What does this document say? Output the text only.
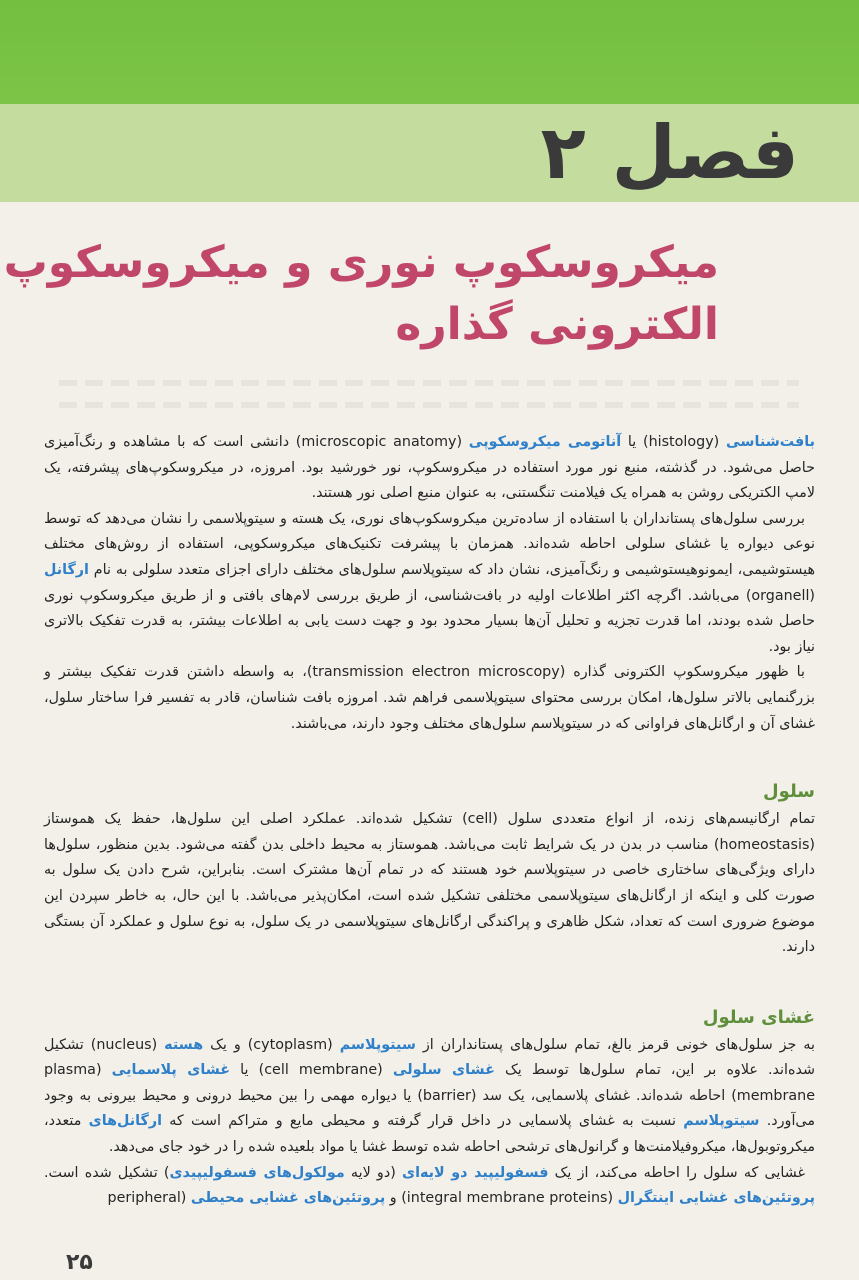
فصل ۲
میکروسکوپ نوری و میکروسکوپ
الکترونی گذاره

بافت‌شناسی (histology) یا آناتومی میکروسکوپی (microscopic anatomy) دانشی است که با مشاهده و رنگ‌آمیزی حاصل می‌شود. در گذشته، منبع نور مورد استفاده در میکروسکوپ، نور خورشید بود. امروزه، در میکروسکوپ‌های پیشرفته، یک لامپ الکتریکی روشن به همراه یک فیلامنت تنگستنی، به عنوان منبع اصلی نور هستند.

بررسی سلول‌های پستانداران با استفاده از ساده‌ترین میکروسکوپ‌های نوری، یک هسته و سیتوپلاسمی را نشان می‌دهد که توسط نوعی دیواره یا غشای سلولی احاطه شده‌اند. همزمان با پیشرفت تکنیک‌های میکروسکوپی، استفاده از روش‌های مختلف هیستوشیمی، ایمونوهیستوشیمی و رنگ‌آمیزی، نشان داد که سیتوپلاسم سلول‌های مختلف دارای اجزای متعدد سلولی به نام ارگانل (organell) می‌باشد. اگرچه اکثر اطلاعات اولیه در بافت‌شناسی، از طریق بررسی لام‌های بافتی و از طریق میکروسکوپ نوری حاصل شده بودند، اما قدرت تجزیه و تحلیل آن‌ها بسیار محدود بود و جهت دست یابی به اطلاعات بیشتر، به قدرت تفکیک بالاتری نیاز بود.

با ظهور میکروسکوپ الکترونی گذاره (transmission electron microscopy)، به واسطه داشتن قدرت تفکیک بیشتر و بزرگنمایی بالاتر سلول‌ها، امکان بررسی محتوای سیتوپلاسمی فراهم شد. امروزه بافت شناسان، قادر به تفسیر فرا ساختار سلول، غشای آن و ارگانل‌های فراوانی که در سیتوپلاسم سلول‌های مختلف وجود دارند، می‌باشند.

سلول

تمام ارگانیسم‌های زنده، از انواع متعددی سلول (cell) تشکیل شده‌اند. عملکرد اصلی این سلول‌ها، حفظ یک هموستاز (homeostasis) مناسب در بدن در یک شرایط ثابت می‌باشد. هموستاز به محیط داخلی بدن گفته می‌شود. بدین منظور، سلول‌ها دارای ویژگی‌های ساختاری خاصی در سیتوپلاسم خود هستند که در تمام آن‌ها مشترک است. بنابراین، شرح دادن یک سلول به صورت کلی و اینکه از ارگانل‌های سیتوپلاسمی مختلفی تشکیل شده است، امکان‌پذیر می‌باشد. با این حال، به خاطر سپردن این موضوع ضروری است که تعداد، شکل ظاهری و پراکندگی ارگانل‌های سیتوپلاسمی در یک سلول، به نوع سلول و عملکرد آن بستگی دارند.

غشای سلول

به جز سلول‌های خونی قرمز بالغ، تمام سلول‌های پستانداران از سیتوپلاسم (cytoplasm) و یک هسته (nucleus) تشکیل شده‌اند. علاوه بر این، تمام سلول‌ها توسط یک غشای سلولی (cell membrane) یا غشای پلاسمایی (plasma membrane) احاطه شده‌اند. غشای پلاسمایی، یک سد (barrier) یا دیواره مهمی را بین محیط درونی و محیط بیرونی به وجود می‌آورد. سیتوپلاسم نسبت به غشای پلاسمایی در داخل قرار گرفته و محیطی مایع و متراکم است که ارگانل‌های متعدد، میکروتوبول‌ها، میکروفیلامنت‌ها و گرانول‌های ترشحی احاطه شده توسط غشا یا مواد بلعیده شده را در خود جای می‌دهد.

غشایی که سلول را احاطه می‌کند، از یک فسفولیپید دو لایه‌ای (دو لایه مولکول‌های فسفولیپیدی) تشکیل شده است. پروتئین‌های غشایی اینتگرال (integral membrane proteins) و پروتئین‌های غشایی محیطی (peripheral

۲۵
